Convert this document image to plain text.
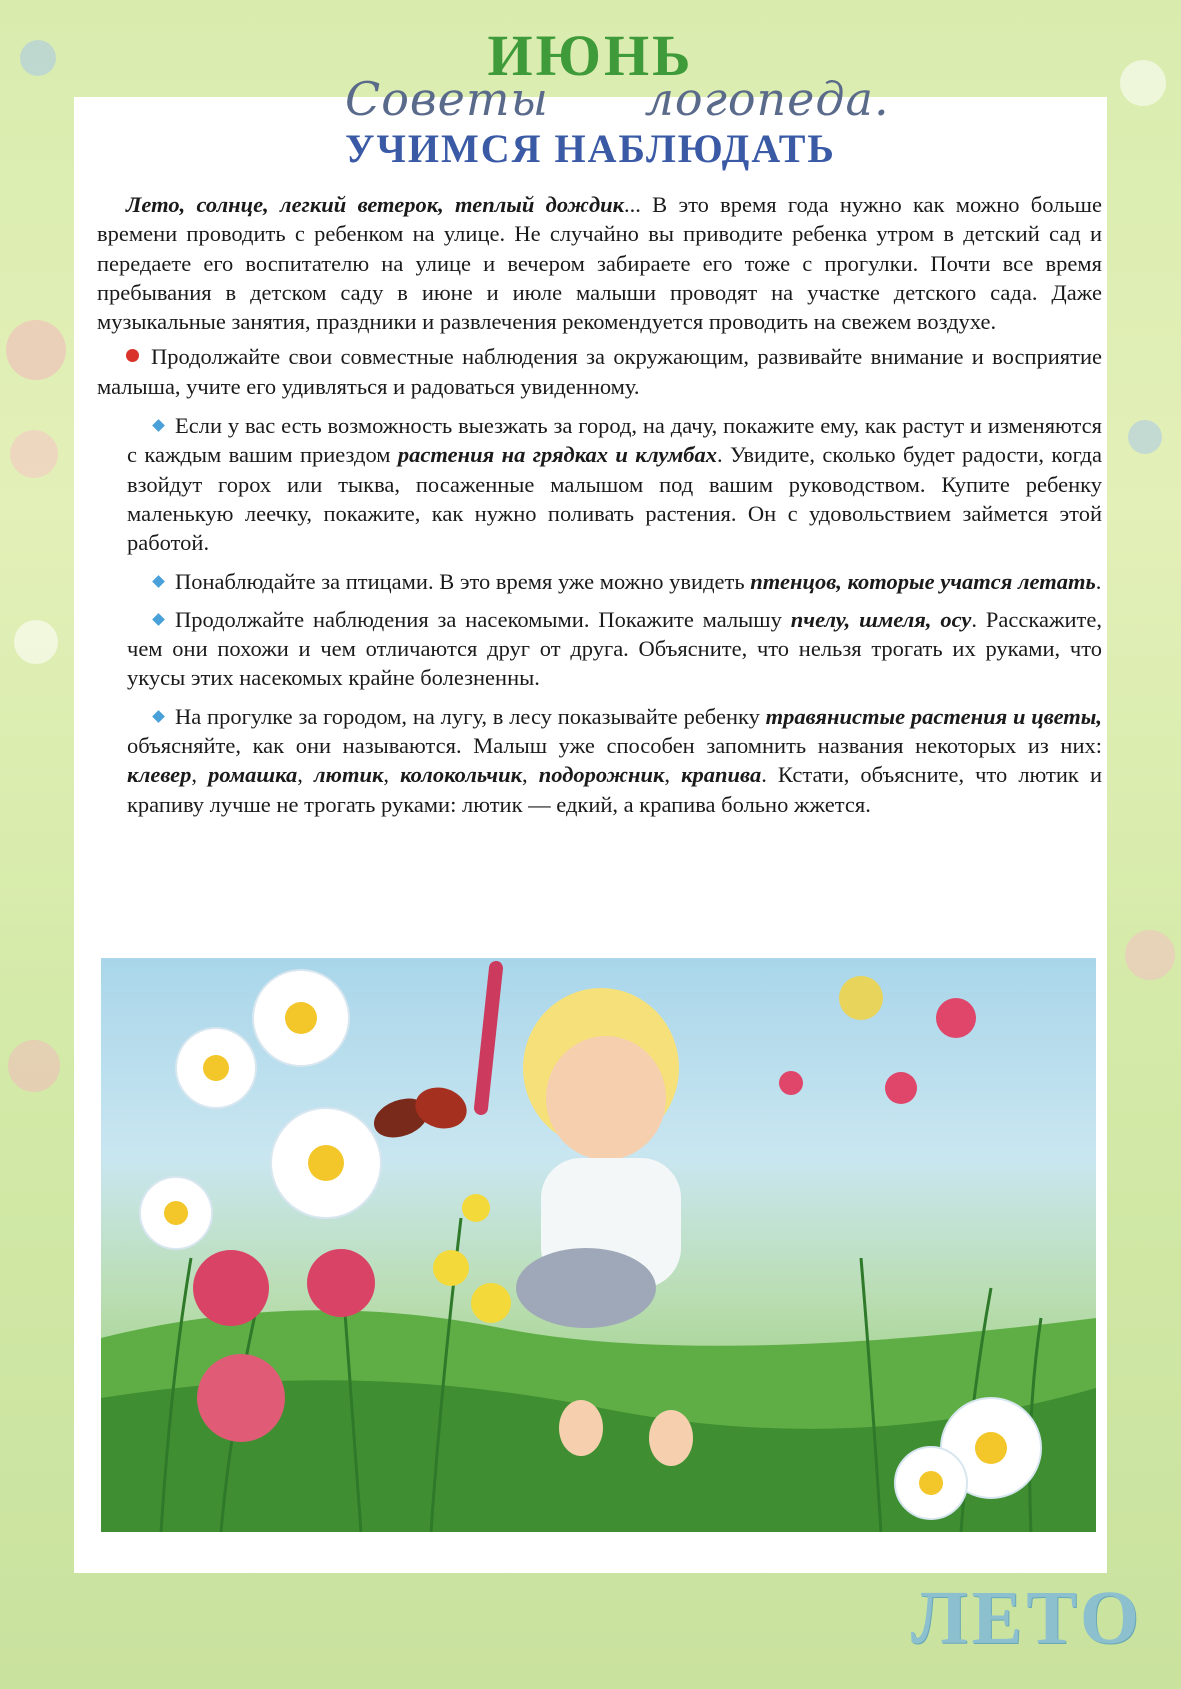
ИЮНЬ
Советы логопеда.
УЧИМСЯ НАБЛЮДАТЬ

Лето, солнце, легкий ветерок, теплый дождик... В это время года нужно как можно больше времени проводить с ребенком на улице. Не случайно вы приводите ребенка утром в детский сад и передаете его воспитателю на улице и вечером забираете его тоже с прогулки. Почти все время пребывания в детском саду в июне и июле малыши проводят на участке детского сада. Даже музыкальные занятия, праздники и развлечения рекомендуется проводить на свежем воздухе.

Продолжайте свои совместные наблюдения за окружающим, развивайте внимание и восприятие малыша, учите его удивляться и радоваться увиденному.

Если у вас есть возможность выезжать за город, на дачу, покажите ему, как растут и изменяются с каждым вашим приездом растения на грядках и клумбах. Увидите, сколько будет радости, когда взойдут горох или тыква, посаженные малышом под вашим руководством. Купите ребенку маленькую леечку, покажите, как нужно поливать растения. Он с удовольствием займется этой работой.

Понаблюдайте за птицами. В это время уже можно увидеть птенцов, которые учатся летать.

Продолжайте наблюдения за насекомыми. Покажите малышу пчелу, шмеля, осу. Расскажите, чем они похожи и чем отличаются друг от друга. Объясните, что нельзя трогать их руками, что укусы этих насекомых крайне болезненны.

На прогулке за городом, на лугу, в лесу показывайте ребенку травянистые растения и цветы, объясняйте, как они называются. Малыш уже способен запомнить названия некоторых из них: клевер, ромашка, лютик, колокольчик, подорожник, крапива. Кстати, объясните, что лютик и крапиву лучше не трогать руками: лютик — едкий, а крапива больно жжется.

ЛЕТО
